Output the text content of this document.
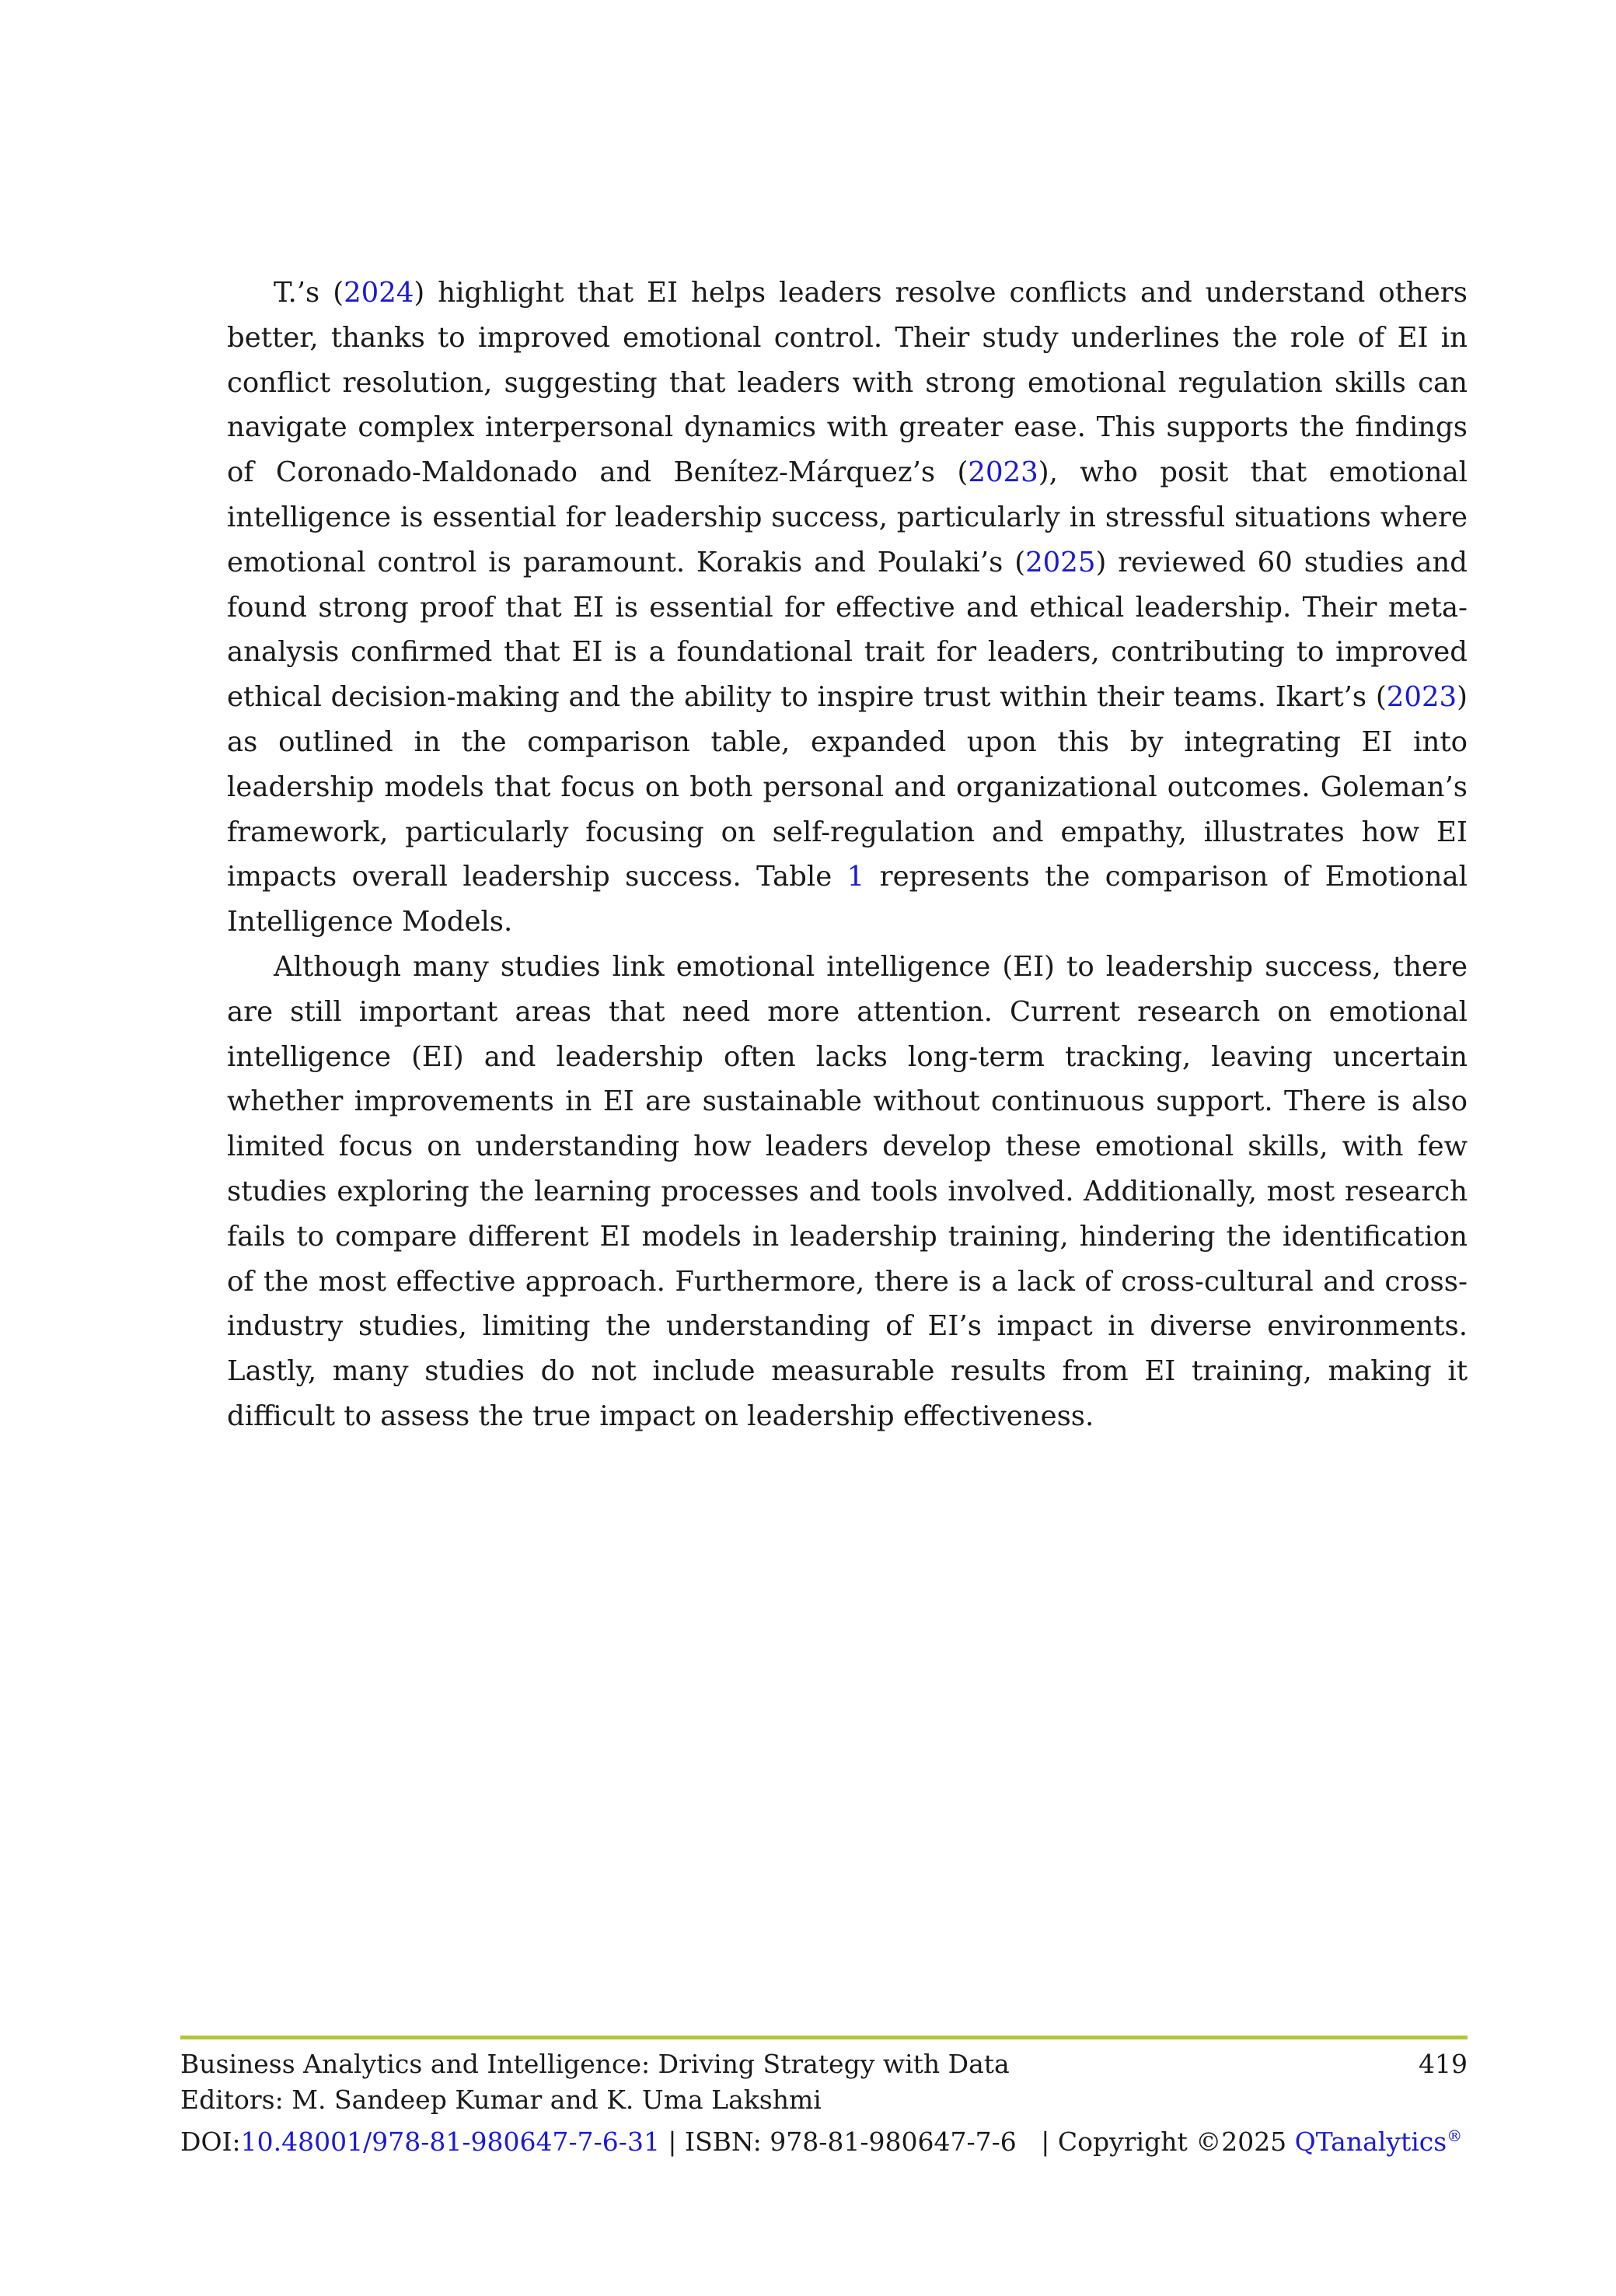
T.’s (2024) highlight that EI helps leaders resolve conflicts and understand others better, thanks to improved emotional control. Their study underlines the role of EI in conflict resolution, suggesting that leaders with strong emotional regulation skills can navigate complex interpersonal dynamics with greater ease. This supports the findings of Coronado-Maldonado and Benítez-Márquez’s (2023), who posit that emotional intelligence is essential for leadership success, particularly in stressful situations where emotional control is paramount. Korakis and Poulaki’s (2025) reviewed 60 studies and found strong proof that EI is essential for effective and ethical leadership. Their meta-analysis confirmed that EI is a foundational trait for leaders, contributing to improved ethical decision-making and the ability to inspire trust within their teams. Ikart’s (2023) as outlined in the comparison table, expanded upon this by integrating EI into leadership models that focus on both personal and organizational outcomes. Goleman’s framework, particularly focusing on self-regulation and empathy, illustrates how EI impacts overall leadership success. Table 1 represents the comparison of Emotional Intelligence Models.

Although many studies link emotional intelligence (EI) to leadership success, there are still important areas that need more attention. Current research on emotional intelligence (EI) and leadership often lacks long-term tracking, leaving uncertain whether improvements in EI are sustainable without continuous support. There is also limited focus on understanding how leaders develop these emotional skills, with few studies exploring the learning processes and tools involved. Additionally, most research fails to compare different EI models in leadership training, hindering the identification of the most effective approach. Furthermore, there is a lack of cross-cultural and cross-industry studies, limiting the understanding of EI’s impact in diverse environments. Lastly, many studies do not include measurable results from EI training, making it difficult to assess the true impact on leadership effectiveness.

Business Analytics and Intelligence: Driving Strategy with Data	419
Editors: M. Sandeep Kumar and K. Uma Lakshmi
DOI:10.48001/978-81-980647-7-6-31 | ISBN: 978-81-980647-7-6   | Copyright ©2025 QTanalytics®
